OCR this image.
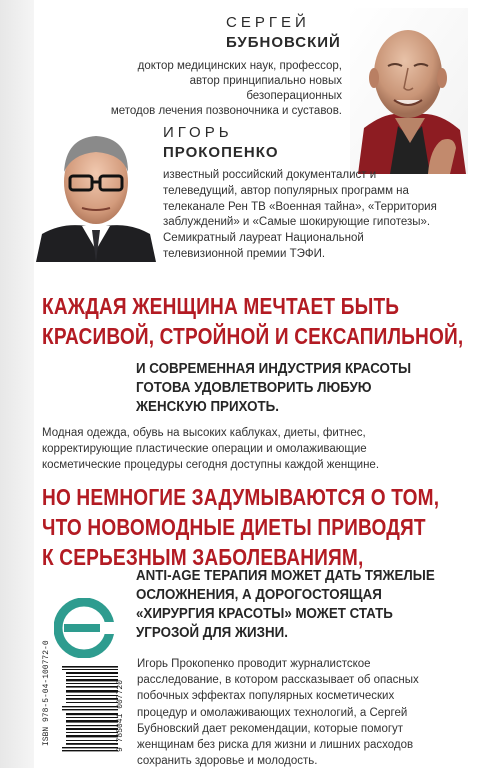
СЕРГЕЙ
БУБНОВСКИЙ
доктор медицинских наук, профессор,
автор принципиально новых безоперационных
методов лечения позвоночника и суставов.
ИГОРЬ
ПРОКОПЕНКО
известный российский документалист и
телеведущий, автор популярных программ на
телеканале Рен ТВ «Военная тайна», «Территория
заблуждений» и «Самые шокирующие гипотезы».
Семикратный лауреат Национальной
телевизионной премии ТЭФИ.
КАЖДАЯ ЖЕНЩИНА МЕЧТАЕТ БЫТЬ
КРАСИВОЙ, СТРОЙНОЙ И СЕКСАПИЛЬНОЙ,
И СОВРЕМЕННАЯ ИНДУСТРИЯ КРАСОТЫ
ГОТОВА УДОВЛЕТВОРИТЬ ЛЮБУЮ
ЖЕНСКУЮ ПРИХОТЬ.
Модная одежда, обувь на высоких каблуках, диеты, фитнес,
корректирующие пластические операции и омолаживающие
косметические процедуры сегодня доступны каждой женщине.
НО НЕМНОГИЕ ЗАДУМЫВАЮТСЯ О ТОМ,
ЧТО НОВОМОДНЫЕ ДИЕТЫ ПРИВОДЯТ
К СЕРЬЕЗНЫМ ЗАБОЛЕВАНИЯМ,
ANTI-AGE ТЕРАПИЯ МОЖЕТ ДАТЬ ТЯЖЕЛЫЕ
ОСЛОЖНЕНИЯ, А ДОРОГОСТОЯЩАЯ
«ХИРУРГИЯ КРАСОТЫ» МОЖЕТ СТАТЬ
УГРОЗОЙ ДЛЯ ЖИЗНИ.
Игорь Прокопенко проводит журналистское
расследование, в котором рассказывает об опасных
побочных эффектах популярных косметических
процедур и омолаживающих технологий, а Сергей
Бубновский дает рекомендации, которые помогут
женщинам без риска для жизни и лишних расходов
сохранить здоровье и молодость.
ISBN 978-5-04-100772-0	9 785041 007720
